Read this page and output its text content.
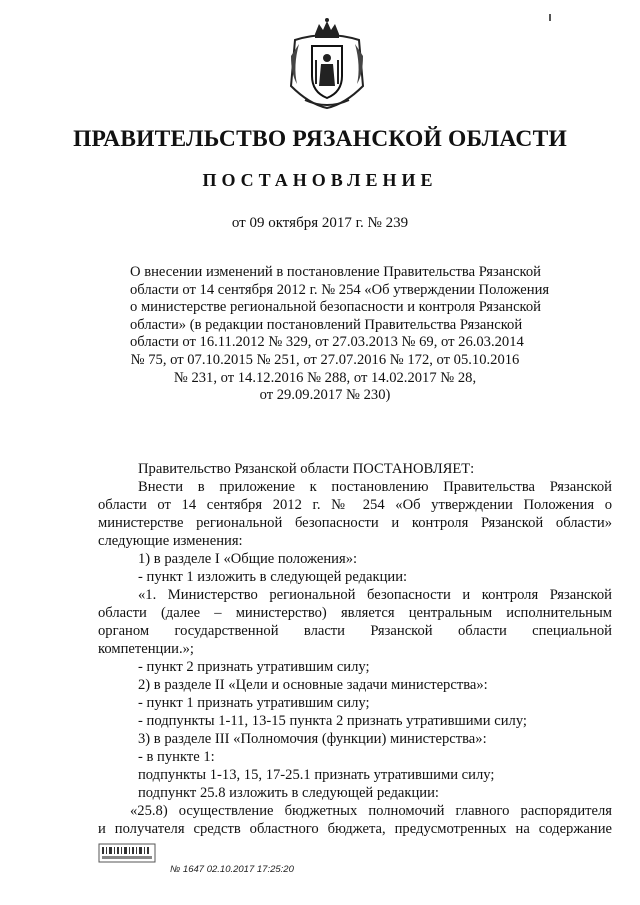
ПРАВИТЕЛЬСТВО РЯЗАНСКОЙ ОБЛАСТИ
ПОСТАНОВЛЕНИЕ
от 09 октября 2017 г. № 239
О внесении изменений в постановление Правительства Рязанской
области от 14 сентября 2012 г. № 254 «Об утверждении Положения
о министерстве региональной безопасности и контроля Рязанской
области» (в редакции постановлений Правительства Рязанской
области от 16.11.2012 № 329, от 27.03.2013 № 69, от 26.03.2014
№ 75, от 07.10.2015 № 251, от 27.07.2016 № 172, от 05.10.2016
№ 231, от 14.12.2016 № 288, от 14.02.2017 № 28,
от 29.09.2017 № 230)
Правительство Рязанской области ПОСТАНОВЛЯЕТ:
Внести в приложение к постановлению Правительства Рязанской
области от 14 сентября 2012 г. № 254 «Об утверждении Положения о
министерстве региональной безопасности и контроля Рязанской области»
следующие изменения:
1) в разделе I «Общие положения»:
- пункт 1 изложить в следующей редакции:
«1. Министерство региональной безопасности и контроля Рязанской
области (далее – министерство) является центральным исполнительным
органом государственной власти Рязанской области специальной
компетенции.»;
- пункт 2 признать утратившим силу;
2) в разделе II «Цели и основные задачи министерства»:
- пункт 1 признать утратившим силу;
- подпункты 1-11, 13-15 пункта 2 признать утратившими силу;
3) в разделе III «Полномочия (функции) министерства»:
- в пункте 1:
подпункты 1-13, 15, 17-25.1 признать утратившими силу;
подпункт 25.8 изложить в следующей редакции:
«25.8) осуществление бюджетных полномочий главного распорядителя
и получателя средств областного бюджета, предусмотренных на содержание
№ 1647 02.10.2017 17:25:20
